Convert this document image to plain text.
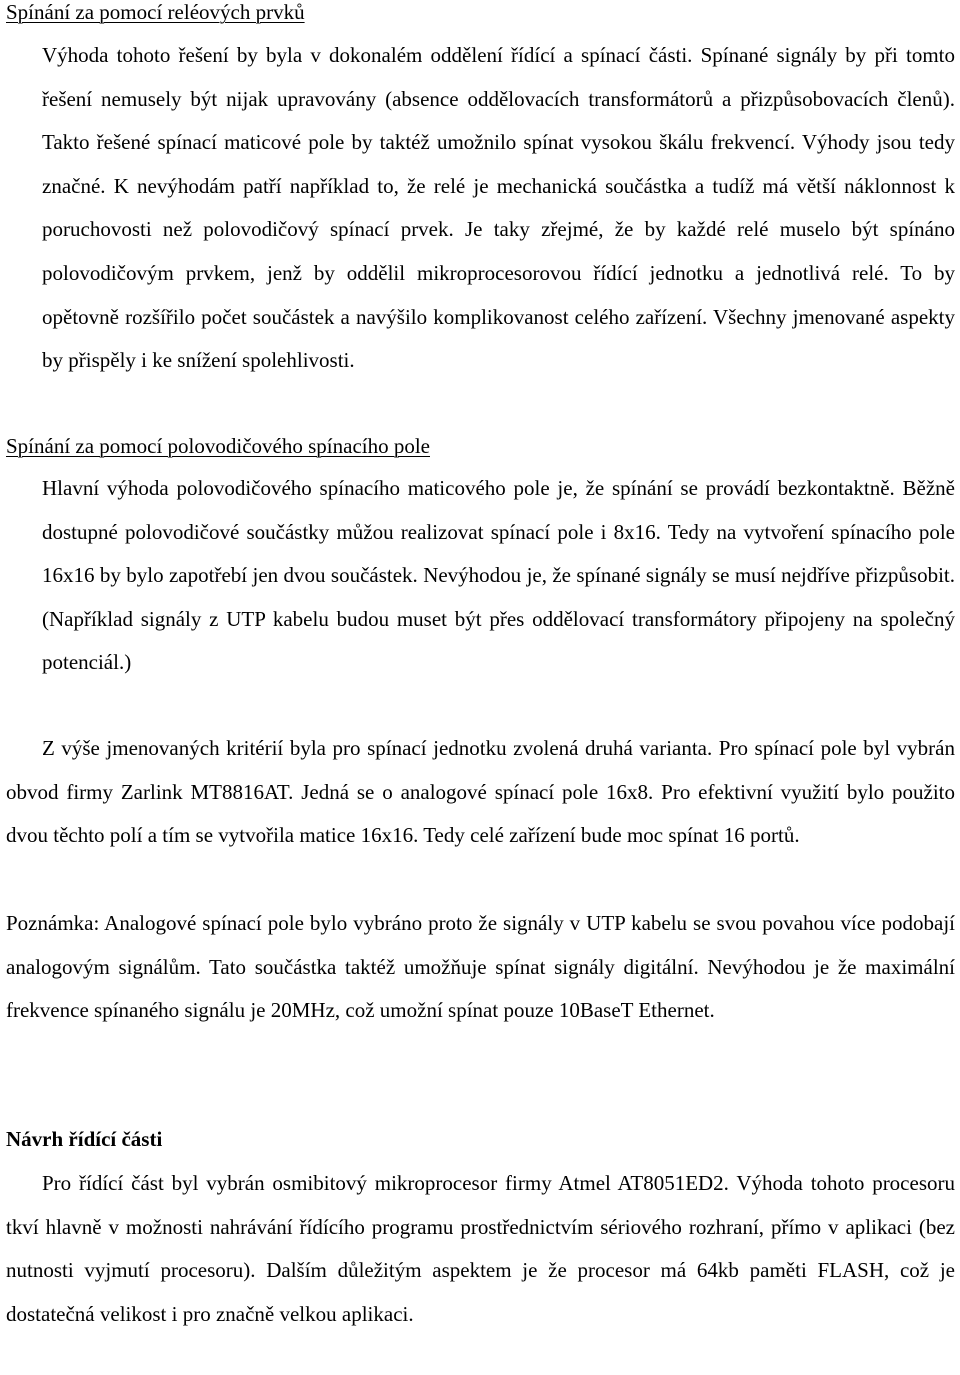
Spínání za pomocí reléových prvků

Výhoda tohoto řešení by byla v dokonalém oddělení řídící a spínací části. Spínané signály by při tomto řešení nemusely být nijak upravovány (absence oddělovacích transformátorů a přizpůsobovacích členů). Takto řešené spínací maticové pole by taktéž umožnilo spínat vysokou škálu frekvencí. Výhody jsou tedy značné. K nevýhodám patří například to, že relé je mechanická součástka a tudíž má větší náklonnost k poruchovosti než polovodičový spínací prvek. Je taky zřejmé, že by každé relé muselo být spínáno polovodičovým prvkem, jenž by oddělil mikroprocesorovou řídící jednotku a jednotlivá relé. To by opětovně rozšířilo počet součástek a navýšilo komplikovanost celého zařízení. Všechny jmenované aspekty by přispěly i ke snížení spolehlivosti.

Spínání za pomocí polovodičového spínacího pole

Hlavní výhoda polovodičového spínacího maticového pole je, že spínání se provádí bezkontaktně. Běžně dostupné polovodičové součástky můžou realizovat spínací pole i 8x16. Tedy na vytvoření spínacího pole 16x16 by bylo zapotřebí jen dvou součástek. Nevýhodou je, že spínané signály se musí nejdříve přizpůsobit. (Například signály z UTP kabelu budou muset být přes oddělovací transformátory připojeny na společný potenciál.)

Z výše jmenovaných kritérií byla pro spínací jednotku zvolená druhá varianta. Pro spínací pole byl vybrán obvod firmy Zarlink MT8816AT. Jedná se o analogové spínací pole 16x8. Pro efektivní využití bylo použito dvou těchto polí a tím se vytvořila matice 16x16. Tedy celé zařízení bude moc spínat 16 portů.

Poznámka: Analogové spínací pole bylo vybráno proto že signály v UTP kabelu se svou povahou více podobají analogovým signálům. Tato součástka taktéž umožňuje spínat signály digitální. Nevýhodou je že maximální frekvence spínaného signálu je 20MHz, což umožní spínat pouze 10BaseT Ethernet.

Návrh řídící části

Pro řídící část byl vybrán osmibitový mikroprocesor firmy Atmel AT8051ED2. Výhoda tohoto procesoru tkví hlavně v možnosti nahrávání řídícího programu prostřednictvím sériového rozhraní, přímo v aplikaci (bez nutnosti vyjmutí procesoru). Dalším důležitým aspektem je že procesor má 64kb paměti FLASH, což je dostatečná velikost i pro značně velkou aplikaci.
